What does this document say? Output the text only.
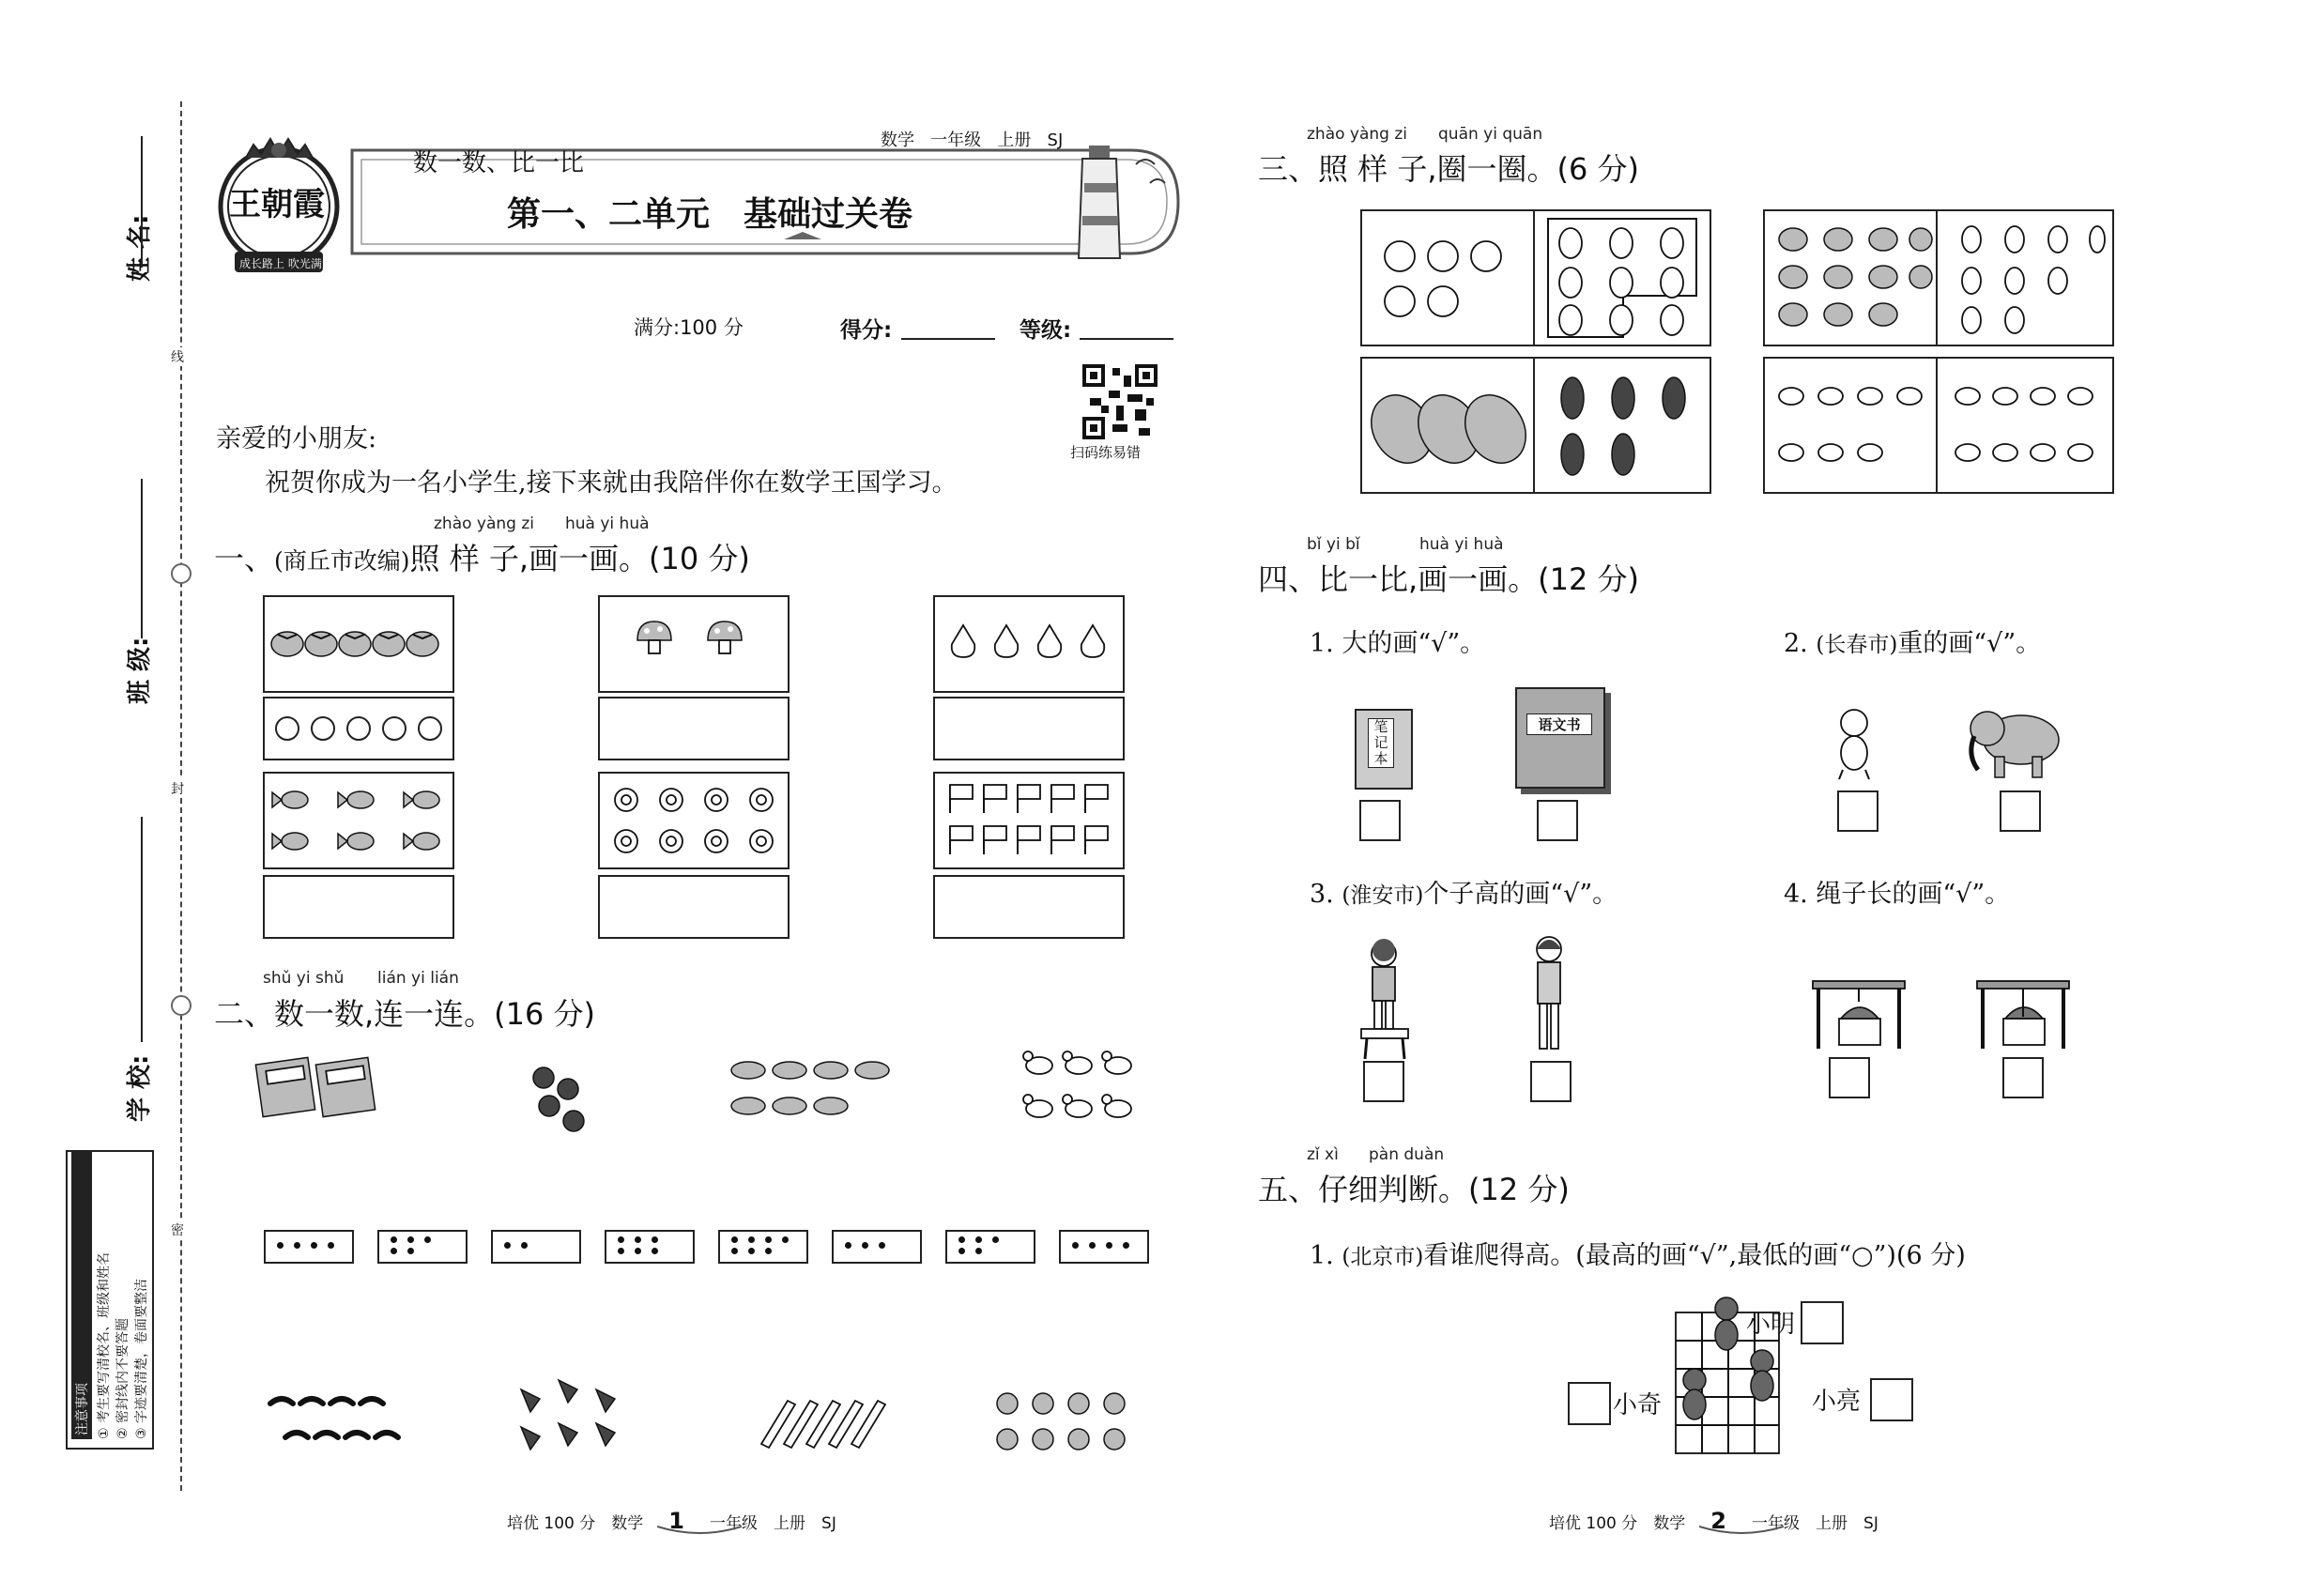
线
封
密
姓 名:
班 级:
学 校:
注意事项 ① 考生要写清校名、班级和姓名 ② 密封线内不要答题 ③ 字迹要清楚，卷面要整洁
王朝霞
成长路上 吹光满天
数一数、比一比
数学 一年级 上册 SJ
第一、二单元　基础过关卷
满分:100 分	得分:	等级:
扫码练易错
亲爱的小朋友:
祝贺你成为一名小学生,接下来就由我陪伴你在数学王国学习。
zhào yàng zi huà yi huà
一、(商丘市改编)照 样 子,画一画。(10 分)
shǔ yi shǔ lián yi lián
二、数一数,连一连。(16 分)
zhào yàng zi quān yi quān
三、照 样 子,圈一圈。(6 分)
bǐ yi bǐ	huà yi huà
四、比一比,画一画。(12 分)
1. 大的画“√”。	2. (长春市)重的画“√”。
笔记本
语文书
3. (淮安市)个子高的画“√”。	4. 绳子长的画“√”。
zǐ xì pàn duàn
五、仔细判断。(12 分)
1. (北京市)看谁爬得高。(最高的画“√”,最低的画“○”)(6 分)
小明
小奇	小亮
培优 100 分　数学 1 一年级　上册　SJ	培优 100 分　数学 2 一年级　上册　SJ
